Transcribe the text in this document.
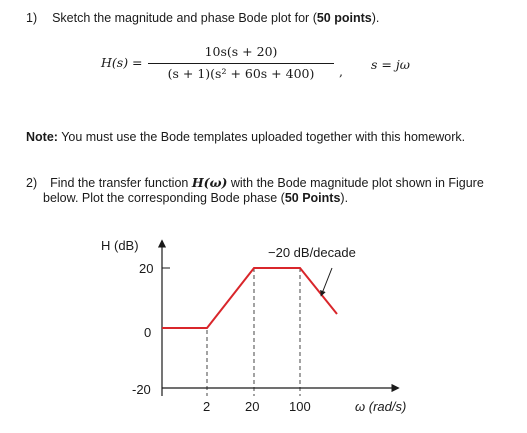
1) Sketch the magnitude and phase Bode plot for (50 points).
H(s) =
10s(s + 20)
(s + 1)(s² + 60s + 400)	, s = jω
Note: You must use the Bode templates uploaded together with this homework.
2) Find the transfer function H(ω) with the Bode magnitude plot shown in Figure
below. Plot the corresponding Bode phase (50 Points).
H (dB)
20
0
-20
2	20 100	ω (rad/s)
−20 dB/decade
